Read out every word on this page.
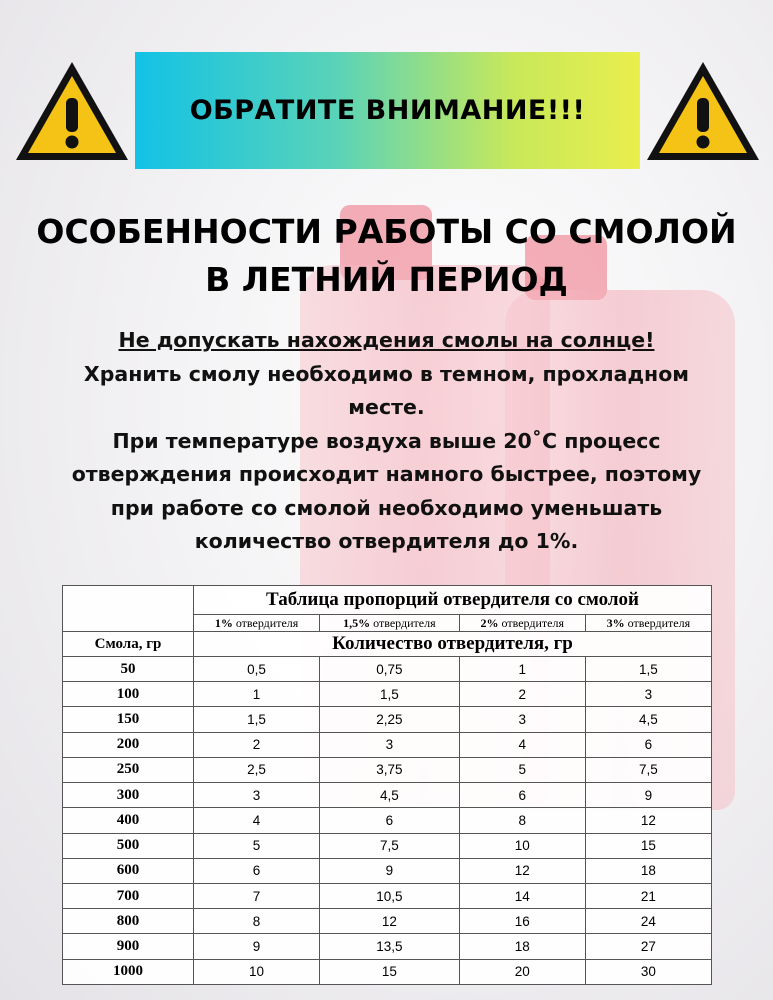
ОБРАТИТЕ ВНИМАНИЕ!!!
ОСОБЕННОСТИ РАБОТЫ СО СМОЛОЙ
В ЛЕТНИЙ ПЕРИОД
Не допускать нахождения смолы на солнце!
Хранить смолу необходимо в темном, прохладном
месте.
При температуре воздуха выше 20˚С процесс
отверждения происходит намного быстрее, поэтому
при работе со смолой необходимо уменьшать
количество отвердителя до 1%.
	Таблица пропорций отвердителя со смолой			
	1% отвердителя	1,5% отвердителя	2% отвердителя	3% отвердителя
Смола, гр	Количество отвердителя, гр			
50	0,5	0,75	1	1,5
100	1	1,5	2	3
150	1,5	2,25	3	4,5
200	2	3	4	6
250	2,5	3,75	5	7,5
300	3	4,5	6	9
400	4	6	8	12
500	5	7,5	10	15
600	6	9	12	18
700	7	10,5	14	21
800	8	12	16	24
900	9	13,5	18	27
1000	10	15	20	30
